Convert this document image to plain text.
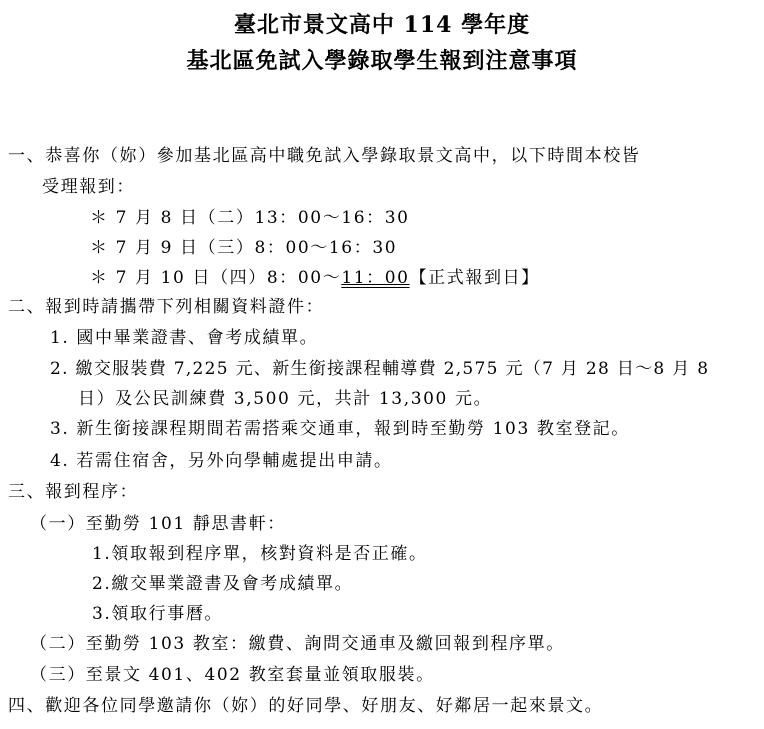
臺北市景文高中 114 學年度
基北區免試入學錄取學生報到注意事項
一、恭喜你（妳）參加基北區高中職免試入學錄取景文高中，以下時間本校皆
受理報到：
＊ 7 月 8 日（二）13：00～16：30
＊ 7 月 9 日（三）8：00～16：30
＊ 7 月 10 日（四）8：00～11：00【正式報到日】
二、報到時請攜帶下列相關資料證件：
1. 國中畢業證書、會考成績單。
2. 繳交服裝費 7,225 元、新生銜接課程輔導費 2,575 元（7 月 28 日～8 月 8
日）及公民訓練費 3,500 元，共計 13,300 元。
3. 新生銜接課程期間若需搭乘交通車，報到時至勤勞 103 教室登記。
4. 若需住宿舍，另外向學輔處提出申請。
三、報到程序：
（一）至勤勞 101 靜思書軒：
1.領取報到程序單，核對資料是否正確。
2.繳交畢業證書及會考成績單。
3.領取行事曆。
（二）至勤勞 103 教室：繳費、詢問交通車及繳回報到程序單。
（三）至景文 401、402 教室套量並領取服裝。
四、歡迎各位同學邀請你（妳）的好同學、好朋友、好鄰居一起來景文。
